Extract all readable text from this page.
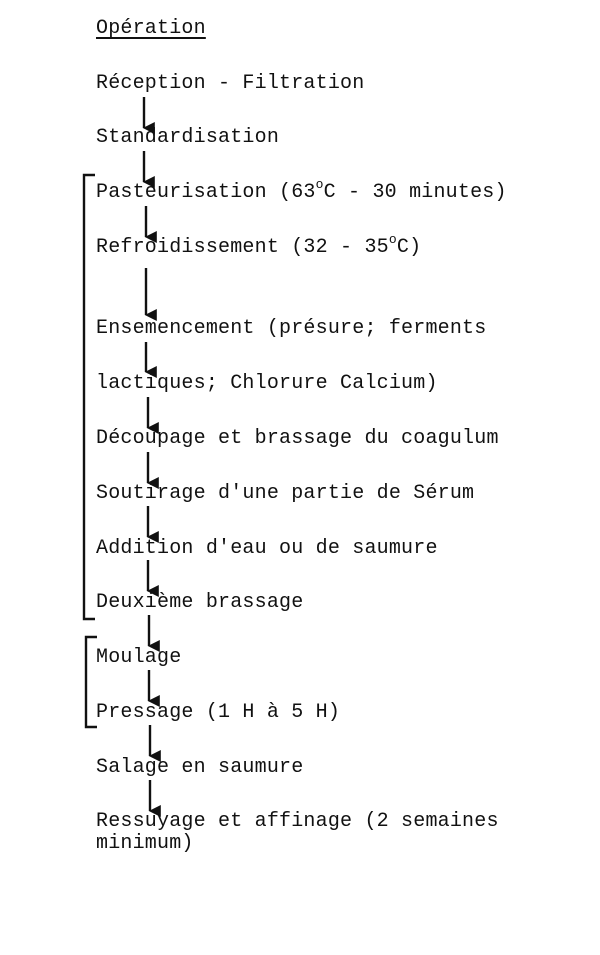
Opération
Réception - Filtration
Standardisation
Pasteurisation (63$^o$C - 30 minutes)
Refroidissement (32 - 35$^o$C)
Ensemencement (présure; ferments
lactiques; Chlorure Calcium)
Découpage et brassage du coagulum
Soutirage d'une partie de Sérum
Addition d'eau ou de saumure
Deuxième brassage
Moulage
Pressage (1 H à 5 H)
Salage en saumure
Ressuyage et affinage (2 semaines minimum)
